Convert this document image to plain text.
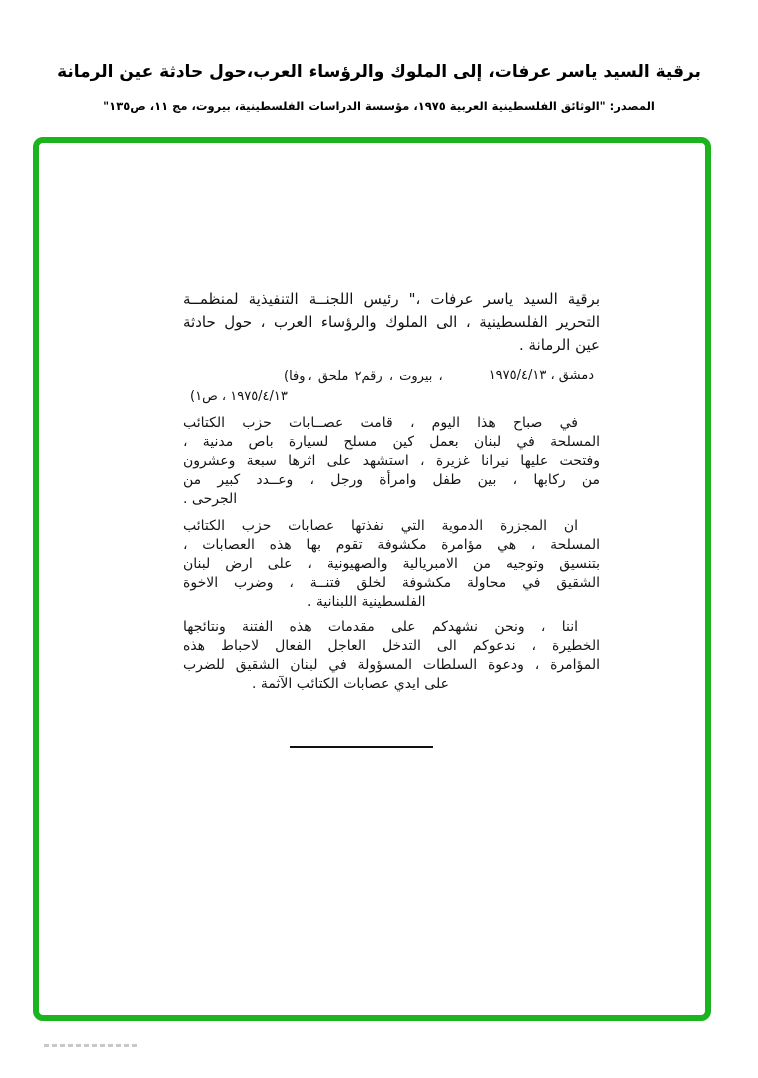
برقية السيد ياسر عرفات، إلى الملوك والرؤساء العرب،حول حادثة عين الرمانة
المصدر: "الوثائق الفلسطينية العربية ١٩٧٥، مؤسسة الدراسات الفلسطينية، بيروت، مج ١١، ص١٣٥"
برقية السيد ياسر عرفات ،" رئيس اللجنــة التنفيذية لمنظمــة
التحرير الفلسطينية ، الى الملوك والرؤساء العرب ، حول حادثة
عين الرمانة .
دمشق ، ١٩٧٥/٤/١٣
(وفا ، ملحق رقم٢ ، بيروت ،
١٩٧٥/٤/١٣ ، ص١)
في صباح هذا اليوم ، قامت عصــابات حزب الكتائب
المسلحة في لبنان بعمل كين مسلح لسيارة باص مدنية ،
وفتحت عليها نيرانا غزيرة ، استشهد على اثرها سبعة وعشرون
من ركابها ، بين طفل وامرأة ورجل ، وعــدد كبير من
الجرحى .
ان المجزرة الدموية التي نفذتها عصابات حزب الكتائب
المسلحة ، هي مؤامرة مكشوفة تقوم بها هذه العصابات ،
بتنسيق وتوجيه من الامبريالية والصهيونية ، على ارض لبنان
الشقيق في محاولة مكشوفة لخلق فتنــة ، وضرب الاخوة
الفلسطينية اللبنانية .
اننا ، ونحن نشهدكم على مقدمات هذه الفتنة ونتائجها
الخطيرة ، ندعوكم الى التدخل العاجل الفعال لاحباط هذه
المؤامرة ، ودعوة السلطات المسؤولة في لبنان الشقيق للضرب
على ايدي عصابات الكتائب الآثمة .
